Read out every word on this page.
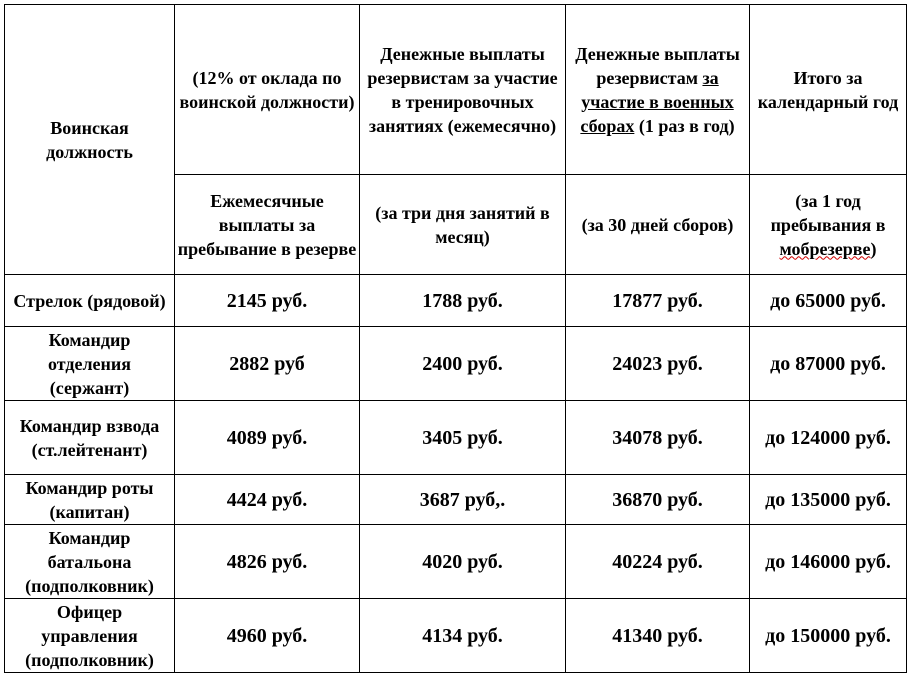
Воинская должность	(12% от оклада по воинской должности)	Денежные выплаты резервистам за участие в тренировочных занятиях (ежемесячно)	Денежные выплаты резервистам за участие в военных сборах (1 раз в год)	Итого за календарный год
	Ежемесячные выплаты за пребывание в резерве	(за три дня занятий в месяц)	(за 30 дней сборов)	(за 1 год пребывания в мобрезерве)
Стрелок (рядовой)	2145 руб.	1788 руб.	17877 руб.	до 65000 руб.
Командир отделения (сержант)	2882 руб	2400 руб.	24023 руб.	до 87000 руб.
Командир взвода (ст.лейтенант)	4089 руб.	3405 руб.	34078 руб.	до 124000 руб.
Командир роты (капитан)	4424 руб.	3687 руб,.	36870 руб.	до 135000 руб.
Командир батальона (подполковник)	4826 руб.	4020 руб.	40224 руб.	до 146000 руб.
Офицер управления (подполковник)	4960 руб.	4134 руб.	41340 руб.	до 150000 руб.
